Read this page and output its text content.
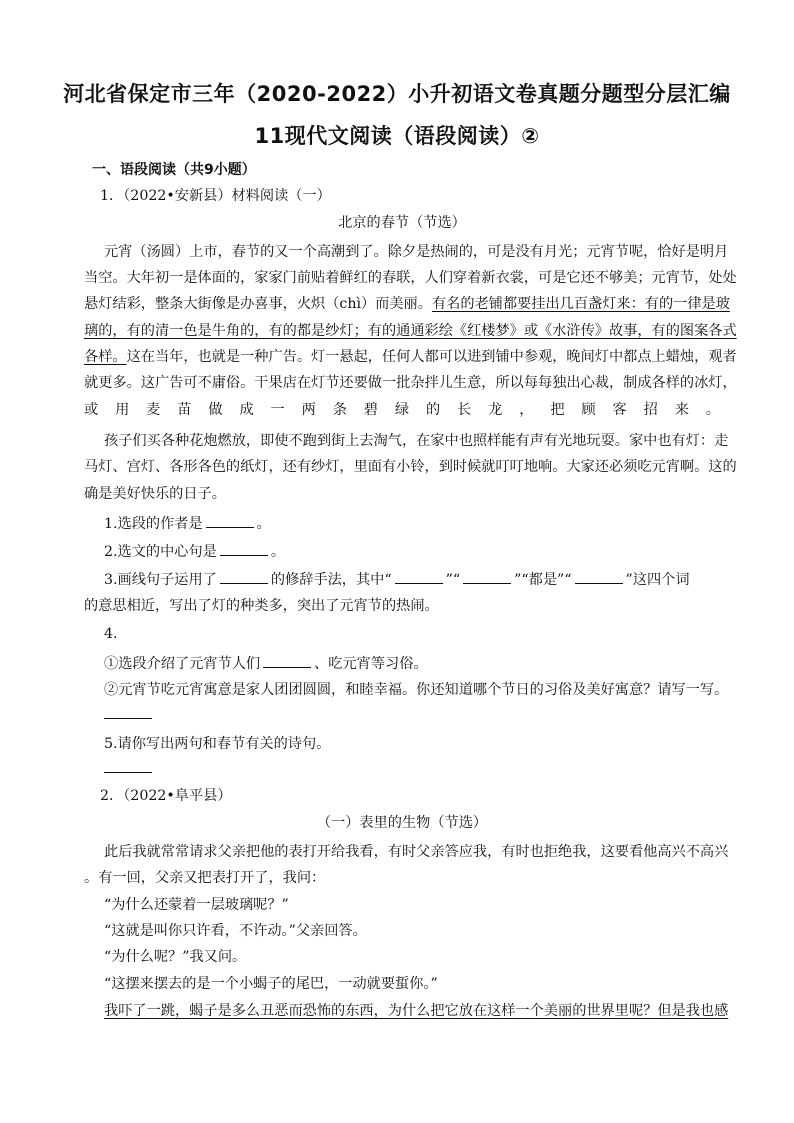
河北省保定市三年（2020-2022）小升初语文卷真题分题型分层汇编
11现代文阅读（语段阅读）②
一、语段阅读（共9小题）
1．（2022•安新县）材料阅读（一）
北京的春节（节选）
元宵（汤圆）上市，春节的又一个高潮到了。除夕是热闹的，可是没有月光；元宵节呢，恰好是明月
当空。大年初一是体面的，家家门前贴着鲜红的春联，人们穿着新衣裳，可是它还不够美；元宵节，处处
悬灯结彩，整条大街像是办喜事，火炽（chì）而美丽。有名的老铺都要挂出几百盏灯来：有的一律是玻
璃的，有的清一色是牛角的，有的都是纱灯；有的通通彩绘《红楼梦》或《水浒传》故事，有的图案各式
各样。这在当年，也就是一种广告。灯一悬起，任何人都可以进到铺中参观，晚间灯中都点上蜡烛，观者
就更多。这广告可不庸俗。干果店在灯节还要做一批杂拌儿生意，所以每每独出心裁，制成各样的冰灯，
或用麦苗做成一两条碧绿的长龙，把顾客招来。
孩子们买各种花炮燃放，即使不跑到街上去淘气，在家中也照样能有声有光地玩耍。家中也有灯：走
马灯、宫灯、各形各色的纸灯，还有纱灯，里面有小铃，到时候就叮叮地响。大家还必须吃元宵啊。这的
确是美好快乐的日子。
1.选段的作者是	。
2.选文的中心句是	。
3.画线句子运用了	的修辞手法，其中“	”“	”“都是”“	”这四个词
的意思相近，写出了灯的种类多，突出了元宵节的热闹。
4.
①选段介绍了元宵节人们	、吃元宵等习俗。
②元宵节吃元宵寓意是家人团团圆圆，和睦幸福。你还知道哪个节日的习俗及美好寓意？请写一写。
5.请你写出两句和春节有关的诗句。
2．（2022•阜平县）
（一）表里的生物（节选）
此后我就常常请求父亲把他的表打开给我看，有时父亲答应我，有时也拒绝我，这要看他高兴不高兴
。有一回，父亲又把表打开了，我问：
“为什么还蒙着一层玻璃呢？”
“这就是叫你只许看，不许动。”父亲回答。
“为什么呢？”我又问。
“这摆来摆去的是一个小蝎子的尾巴，一动就要蜇你。”
我吓了一跳，蝎子是多么丑恶而恐怖的东西，为什么把它放在这样一个美丽的世界里呢？但是我也感
